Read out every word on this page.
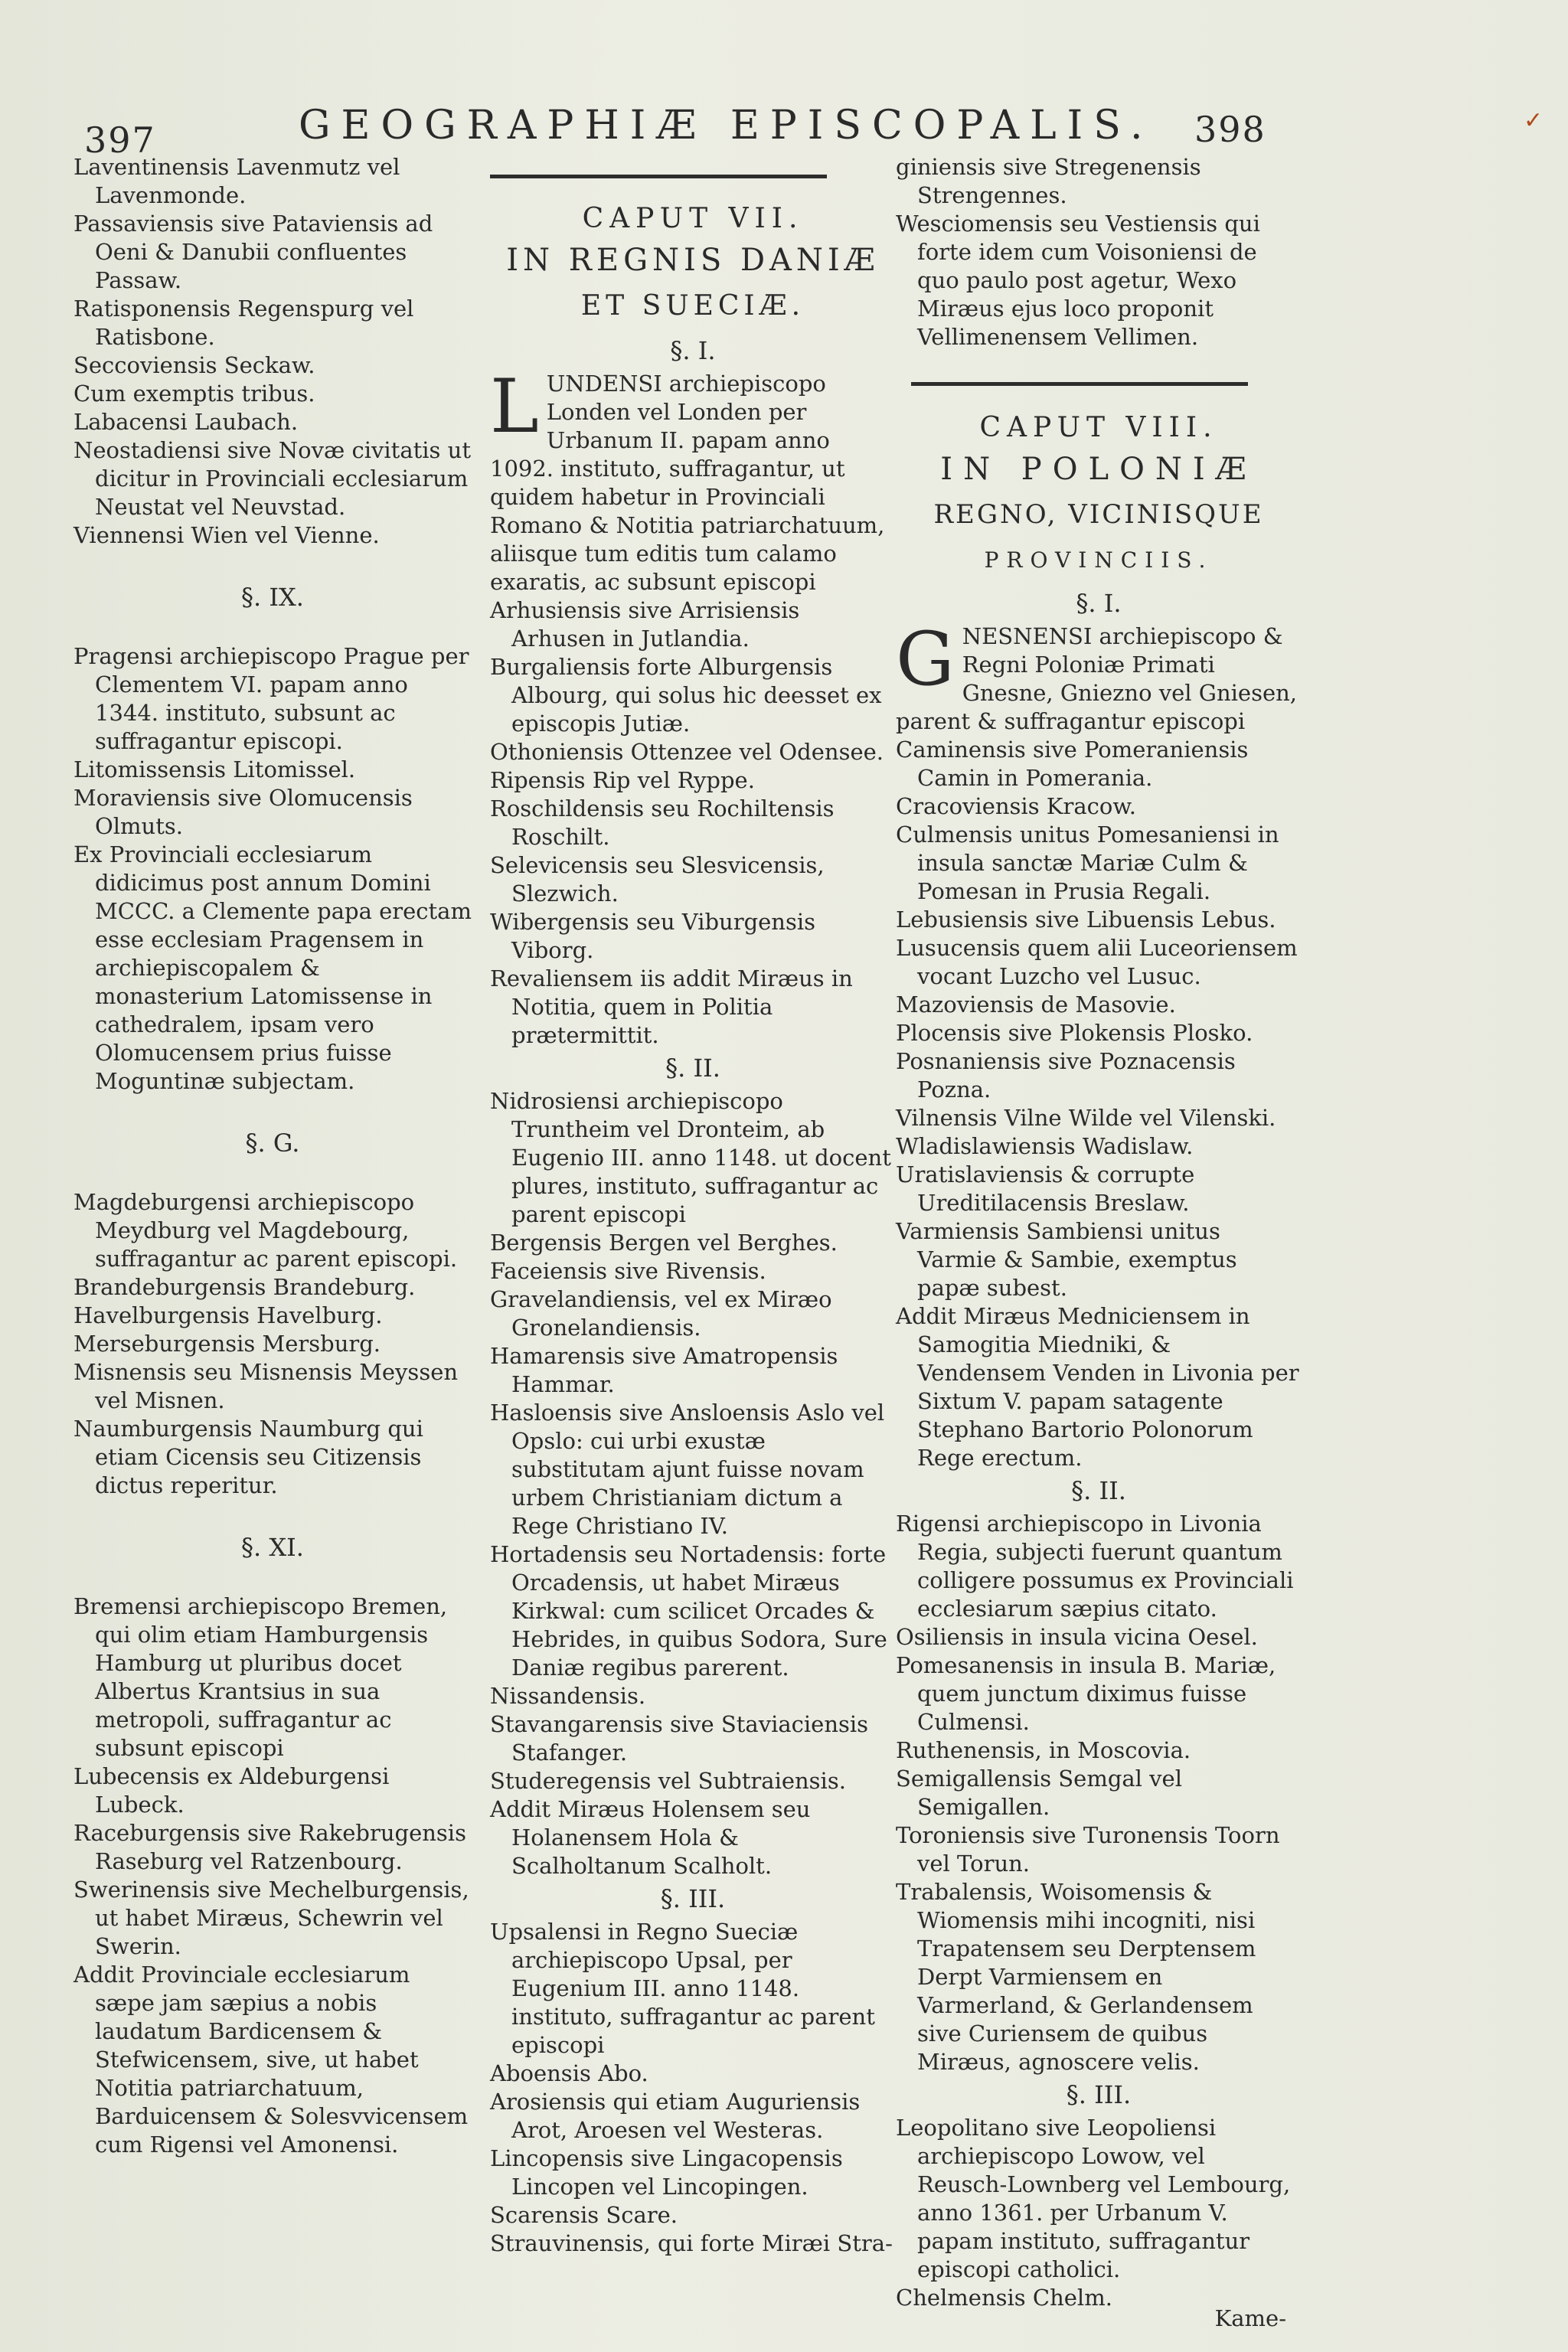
397	GEOGRAPHIÆ EPISCOPALIS. 398	✓

Laventinensis Lavenmutz vel Lavenmonde.

Passaviensis sive Pataviensis ad Oeni & Danubii confluentes Passaw.

Ratisponensis Regenspurg vel Ratisbone.

Seccoviensis Seckaw.

Cum exemptis tribus.

Labacensi Laubach.

Neostadiensi sive Novæ civitatis ut dicitur in Provinciali ecclesiarum Neustat vel Neuvstad.

Viennensi Wien vel Vienne.

§. IX.

Pragensi archiepiscopo Prague per Clementem VI. papam anno 1344. instituto, subsunt ac suffragantur episcopi.

Litomissensis Litomissel.

Moraviensis sive Olomucensis Olmuts.

Ex Provinciali ecclesiarum didicimus post annum Domini MCCC. a Clemente papa erectam esse ecclesiam Pragensem in archiepiscopalem & monasterium Latomissense in cathedralem, ipsam vero Olomucensem prius fuisse Moguntinæ subjectam.

§. G.

Magdeburgensi archiepiscopo Meydburg vel Magdebourg, suffragantur ac parent episcopi.

Brandeburgensis Brandeburg.

Havelburgensis Havelburg.

Merseburgensis Mersburg.

Misnensis seu Misnensis Meyssen vel Misnen.

Naumburgensis Naumburg qui etiam Cicensis seu Citizensis dictus reperitur.

§. XI.

Bremensi archiepiscopo Bremen, qui olim etiam Hamburgensis Hamburg ut pluribus docet Albertus Krantsius in sua metropoli, suffragantur ac subsunt episcopi

Lubecensis ex Aldeburgensi Lubeck.

Raceburgensis sive Rakebrugensis Raseburg vel Ratzenbourg.

Swerinensis sive Mechelburgensis, ut habet Miræus, Schewrin vel Swerin.

Addit Provinciale ecclesiarum sæpe jam sæpius a nobis laudatum Bardicensem & Stefwicensem, sive, ut habet Notitia patriarchatuum, Barduicensem & Solesvvicensem cum Rigensi vel Amonensi.

CAPUT VII.
IN REGNIS DANIÆ
ET SUECIÆ.
§. I.

LUNDENSI archiepiscopo Londen vel Londen per Urbanum II. papam anno 1092. instituto, suffragantur, ut quidem habetur in Provinciali Romano & Notitia patriarchatuum, aliisque tum editis tum calamo exaratis, ac subsunt episcopi

Arhusiensis sive Arrisiensis Arhusen in Jutlandia.

Burgaliensis forte Alburgensis Albourg, qui solus hic deesset ex episcopis Jutiæ.

Othoniensis Ottenzee vel Odensee.

Ripensis Rip vel Ryppe.

Roschildensis seu Rochiltensis Roschilt.

Selevicensis seu Slesvicensis, Slezwich.

Wibergensis seu Viburgensis Viborg.

Revaliensem iis addit Miræus in Notitia, quem in Politia prætermittit.

§. II.

Nidrosiensi archiepiscopo Truntheim vel Dronteim, ab Eugenio III. anno 1148. ut docent plures, instituto, suffragantur ac parent episcopi

Bergensis Bergen vel Berghes.

Faceiensis sive Rivensis.

Gravelandiensis, vel ex Miræo Gronelandiensis.

Hamarensis sive Amatropensis Hammar.

Hasloensis sive Ansloensis Aslo vel Opslo: cui urbi exustæ substitutam ajunt fuisse novam urbem Christianiam dictum a Rege Christiano IV.

Hortadensis seu Nortadensis: forte Orcadensis, ut habet Miræus Kirkwal: cum scilicet Orcades & Hebrides, in quibus Sodora, Sure Daniæ regibus parerent.

Nissandensis.

Stavangarensis sive Staviaciensis Stafanger.

Studeregensis vel Subtraiensis.

Addit Miræus Holensem seu Holanensem Hola & Scalholtanum Scalholt.

§. III.

Upsalensi in Regno Sueciæ archiepiscopo Upsal, per Eugenium III. anno 1148. instituto, suffragantur ac parent episcopi

Aboensis Abo.

Arosiensis qui etiam Auguriensis Arot, Aroesen vel Westeras.

Lincopensis sive Lingacopensis Lincopen vel Lincopingen.

Scarensis Scare.

Strauvinensis, qui forte Miræi Stra-

giniensis sive Stregenensis Strengennes.

Wesciomensis seu Vestiensis qui forte idem cum Voisoniensi de quo paulo post agetur, Wexo Miræus ejus loco proponit Vellimenensem Vellimen.

CAPUT VIII.
IN POLONIÆ
REGNO, VICINISQUE
PROVINCIIS.
§. I.

GNESNENSI archiepiscopo & Regni Poloniæ Primati Gnesne, Gniezno vel Gniesen, parent & suffragantur episcopi

Caminensis sive Pomeraniensis Camin in Pomerania.

Cracoviensis Kracow.

Culmensis unitus Pomesaniensi in insula sanctæ Mariæ Culm & Pomesan in Prusia Regali.

Lebusiensis sive Libuensis Lebus.

Lusucensis quem alii Luceoriensem vocant Luzcho vel Lusuc.

Mazoviensis de Masovie.

Plocensis sive Plokensis Plosko.

Posnaniensis sive Poznacensis Pozna.

Vilnensis Vilne Wilde vel Vilenski.

Wladislawiensis Wadislaw.

Uratislaviensis & corrupte Ureditilacensis Breslaw.

Varmiensis Sambiensi unitus Varmie & Sambie, exemptus papæ subest.

Addit Miræus Medniciensem in Samogitia Miedniki, & Vendensem Venden in Livonia per Sixtum V. papam satagente Stephano Bartorio Polonorum Rege erectum.

§. II.

Rigensi archiepiscopo in Livonia Regia, subjecti fuerunt quantum colligere possumus ex Provinciali ecclesiarum sæpius citato.

Osiliensis in insula vicina Oesel.

Pomesanensis in insula B. Mariæ, quem junctum diximus fuisse Culmensi.

Ruthenensis, in Moscovia.

Semigallensis Semgal vel Semigallen.

Toroniensis sive Turonensis Toorn vel Torun.

Trabalensis, Woisomensis & Wiomensis mihi incogniti, nisi Trapatensem seu Derptensem Derpt Varmiensem en Varmerland, & Gerlandensem sive Curiensem de quibus Miræus, agnoscere velis.

§. III.

Leopolitano sive Leopoliensi archiepiscopo Lowow, vel Reusch-Lownberg vel Lembourg, anno 1361. per Urbanum V. papam instituto, suffragantur episcopi catholici.

Chelmensis Chelm.

Kame-
